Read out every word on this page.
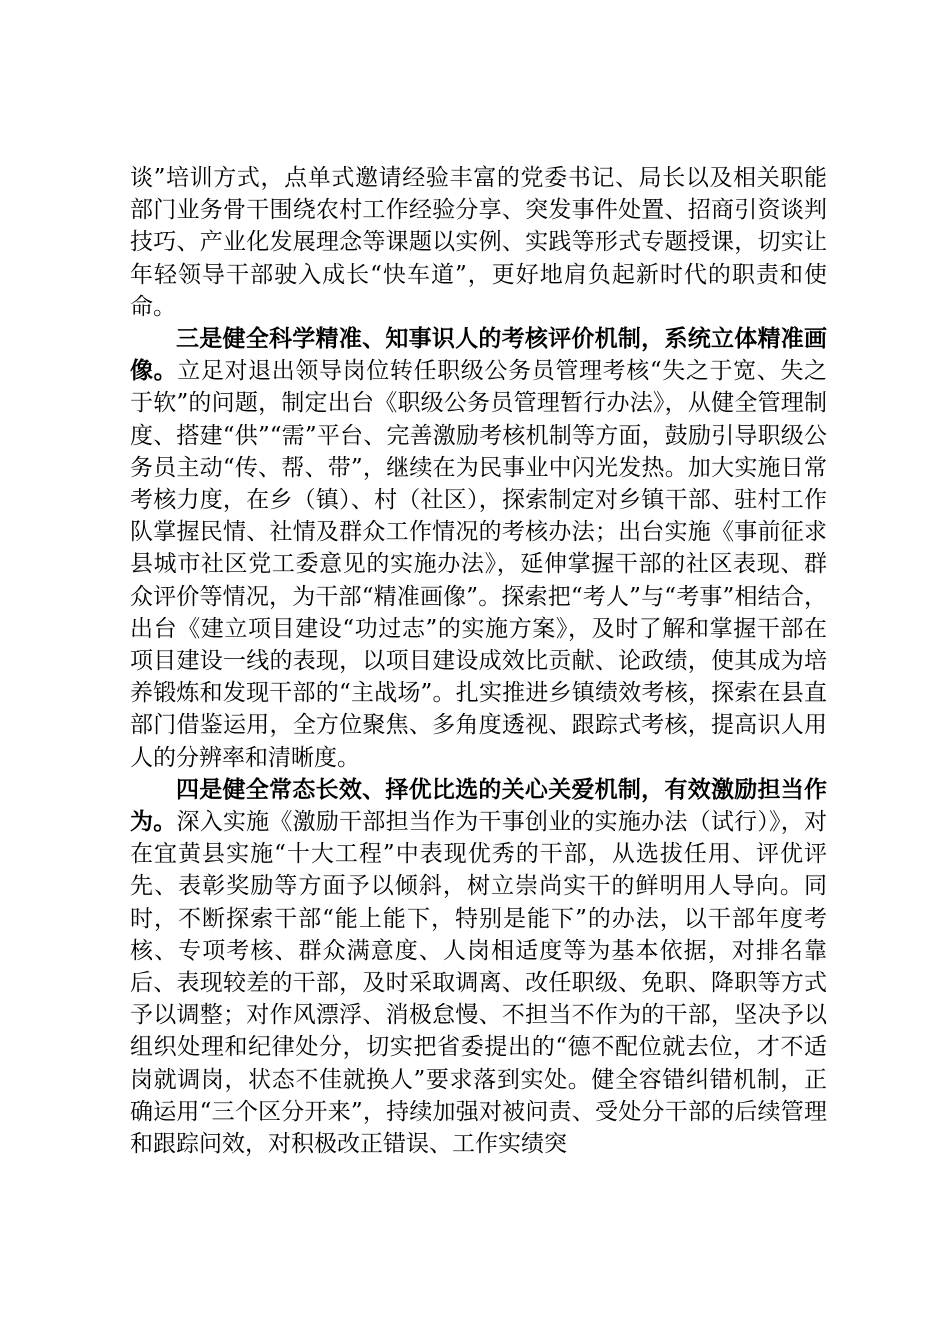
谈”培训方式，点单式邀请经验丰富的党委书记、局长以及相关职能部门业务骨干围绕农村工作经验分享、突发事件处置、招商引资谈判技巧、产业化发展理念等课题以实例、实践等形式专题授课，切实让年轻领导干部驶入成长“快车道”，更好地肩负起新时代的职责和使命。

三是健全科学精准、知事识人的考核评价机制，系统立体精准画像。立足对退出领导岗位转任职级公务员管理考核“失之于宽、失之于软”的问题，制定出台《职级公务员管理暂行办法》，从健全管理制度、搭建“供”“需”平台、完善激励考核机制等方面，鼓励引导职级公务员主动“传、帮、带”，继续在为民事业中闪光发热。加大实施日常考核力度，在乡（镇）、村（社区），探索制定对乡镇干部、驻村工作队掌握民情、社情及群众工作情况的考核办法；出台实施《事前征求县城市社区党工委意见的实施办法》，延伸掌握干部的社区表现、群众评价等情况，为干部“精准画像”。探索把“考人”与“考事”相结合，出台《建立项目建设“功过志”的实施方案》，及时了解和掌握干部在项目建设一线的表现，以项目建设成效比贡献、论政绩，使其成为培养锻炼和发现干部的“主战场”。扎实推进乡镇绩效考核，探索在县直部门借鉴运用，全方位聚焦、多角度透视、跟踪式考核，提高识人用人的分辨率和清晰度。

四是健全常态长效、择优比选的关心关爱机制，有效激励担当作为。深入实施《激励干部担当作为干事创业的实施办法（试行）》，对在宜黄县实施“十大工程”中表现优秀的干部，从选拔任用、评优评先、表彰奖励等方面予以倾斜，树立崇尚实干的鲜明用人导向。同时，不断探索干部“能上能下，特别是能下”的办法，以干部年度考核、专项考核、群众满意度、人岗相适度等为基本依据，对排名靠后、表现较差的干部，及时采取调离、改任职级、免职、降职等方式予以调整；对作风漂浮、消极怠慢、不担当不作为的干部，坚决予以组织处理和纪律处分，切实把省委提出的“德不配位就去位，才不适岗就调岗，状态不佳就换人”要求落到实处。健全容错纠错机制，正确运用“三个区分开来”，持续加强对被问责、受处分干部的后续管理和跟踪问效，对积极改正错误、工作实绩突
